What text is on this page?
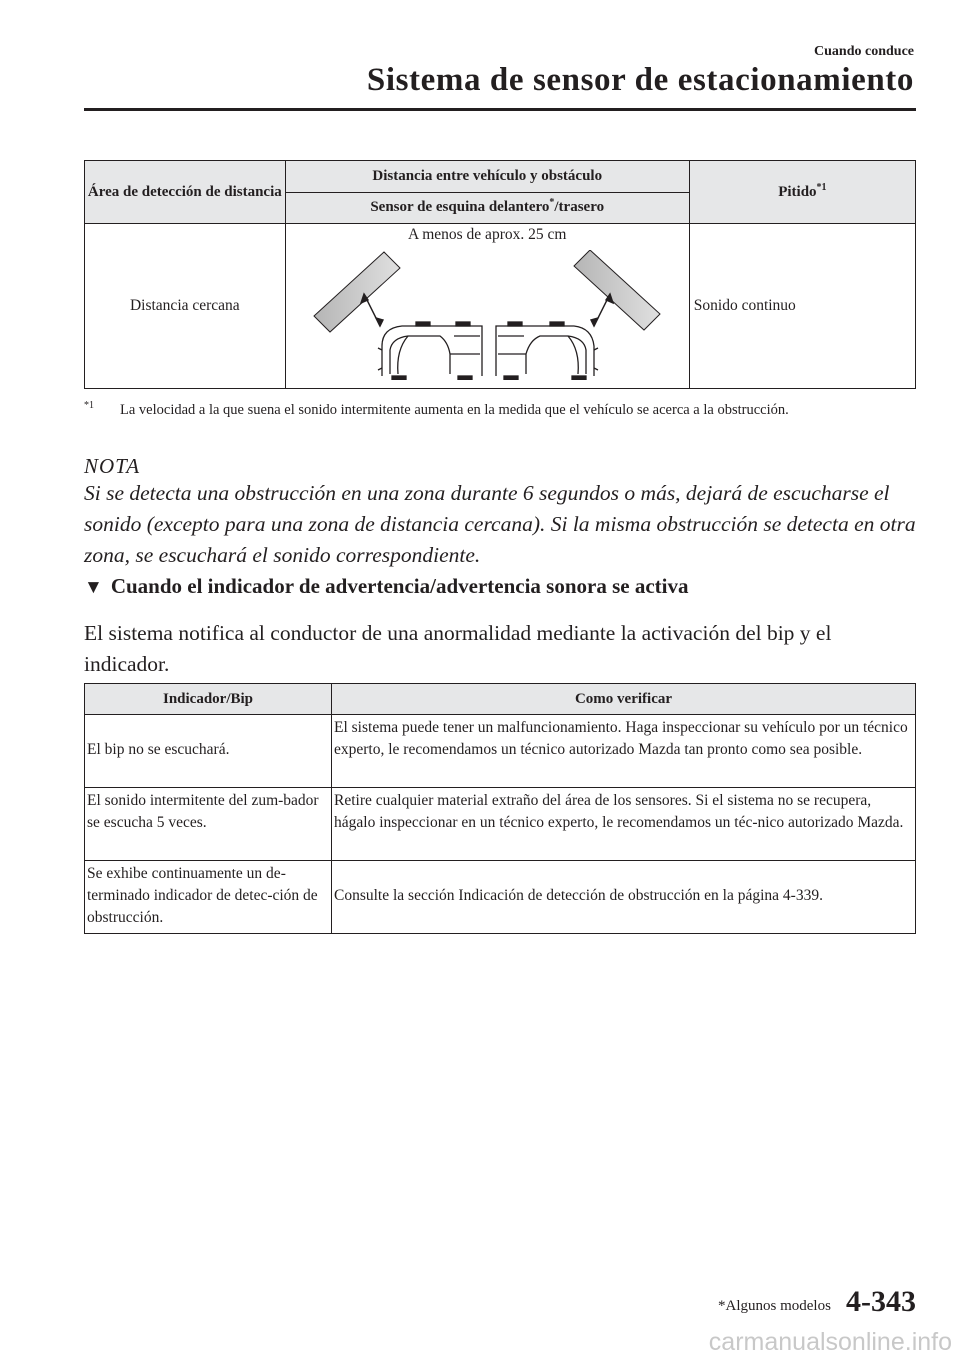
Cuando conduce
Sistema de sensor de estacionamiento
Área de detección de distancia	Distancia entre vehículo y obstáculo	Pitido$^{*1}$
	Sensor de esquina delantero*/trasero	
Distancia cercana	A menos de aprox. 25 cm	Sonido continuo
$^{*1}$ La velocidad a la que suena el sonido intermitente aumenta en la medida que el vehículo se acerca a la obstrucción.
NOTA
Si se detecta una obstrucción en una zona durante 6 segundos o más, dejará de escucharse el sonido (excepto para una zona de distancia cercana). Si la misma obstrucción se detecta en otra zona, se escuchará el sonido correspondiente.
▼ Cuando el indicador de advertencia/advertencia sonora se activa
El sistema notifica al conductor de una anormalidad mediante la activación del bip y el indicador.
Indicador/Bip	Como verificar
El bip no se escuchará.	El sistema puede tener un malfuncionamiento. Haga inspeccionar su vehículo por un técnico experto, le recomendamos un técnico autorizado Mazda tan pronto como sea posible.
El sonido intermitente del zum-bador se escucha 5 veces.	Retire cualquier material extraño del área de los sensores. Si el sistema no se recupera, hágalo inspeccionar en un técnico experto, le recomendamos un téc-nico autorizado Mazda.
Se exhibe continuamente un de-terminado indicador de detec-ción de obstrucción.	Consulte la sección Indicación de detección de obstrucción en la página 4-339.
*Algunos modelos 4-343
carmanualsonline.info
